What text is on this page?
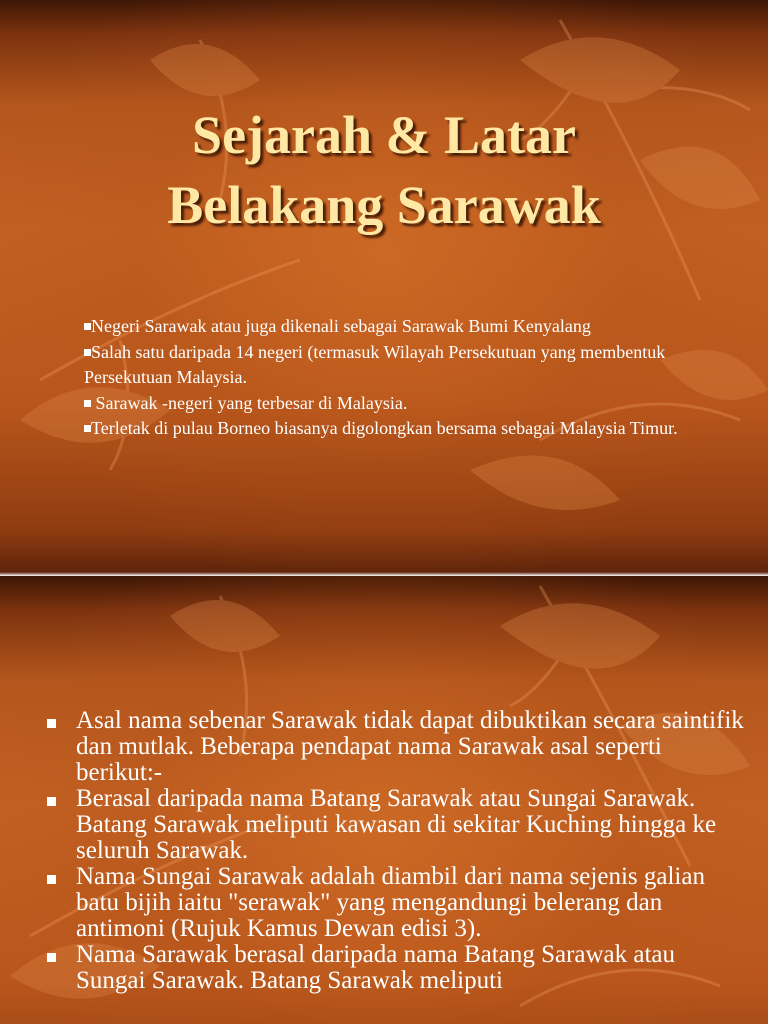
Sejarah & Latar Belakang Sarawak
Negeri Sarawak atau juga dikenali sebagai Sarawak Bumi Kenyalang
Salah satu daripada 14 negeri (termasuk Wilayah Persekutuan yang membentuk Persekutuan Malaysia.
Sarawak -negeri yang terbesar di Malaysia.
Terletak di pulau Borneo biasanya digolongkan bersama sebagai Malaysia Timur.
Asal nama sebenar Sarawak tidak dapat dibuktikan secara saintifik dan mutlak. Beberapa pendapat nama Sarawak asal seperti berikut:-
Berasal daripada nama Batang Sarawak atau Sungai Sarawak. Batang Sarawak meliputi kawasan di sekitar Kuching hingga ke seluruh Sarawak.
Nama Sungai Sarawak adalah diambil dari nama sejenis galian batu bijih iaitu "serawak" yang mengandungi belerang dan antimoni (Rujuk Kamus Dewan edisi 3).
Nama Sarawak berasal daripada nama Batang Sarawak atau Sungai Sarawak. Batang Sarawak meliputi
